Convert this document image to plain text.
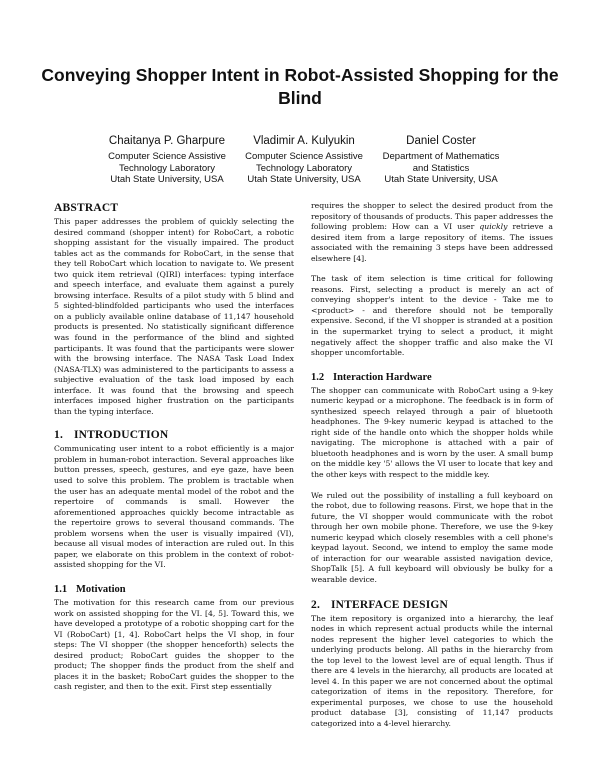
Conveying Shopper Intent in Robot-Assisted Shopping for the Blind
Chaitanya P. Gharpure
Computer Science Assistive
Technology Laboratory
Utah State University, USA
Vladimir A. Kulyukin
Computer Science Assistive
Technology Laboratory
Utah State University, USA
Daniel Coster
Department of Mathematics
and Statistics
Utah State University, USA
ABSTRACT

This paper addresses the problem of quickly selecting the desired command (shopper intent) for RoboCart, a robotic shopping assistant for the visually impaired. The product tables act as the commands for RoboCart, in the sense that they tell RoboCart which location to navigate to. We present two quick item retrieval (QIRI) interfaces: typing interface and speech interface, and evaluate them against a purely browsing interface. Results of a pilot study with 5 blind and 5 sighted-blindfolded participants who used the interfaces on a publicly available online database of 11,147 household products is presented. No statistically significant difference was found in the performance of the blind and sighted participants. It was found that the participants were slower with the browsing interface. The NASA Task Load Index (NASA-TLX) was administered to the participants to assess a subjective evaluation of the task load imposed by each interface. It was found that the browsing and speech interfaces imposed higher frustration on the participants than the typing interface.

1. INTRODUCTION

Communicating user intent to a robot efficiently is a major problem in human-robot interaction. Several approaches like button presses, speech, gestures, and eye gaze, have been used to solve this problem. The problem is tractable when the user has an adequate mental model of the robot and the repertoire of commands is small. However the aforementioned approaches quickly become intractable as the repertoire grows to several thousand commands. The problem worsens when the user is visually impaired (VI), because all visual modes of interaction are ruled out. In this paper, we elaborate on this problem in the context of robot-assisted shopping for the VI.

1.1 Motivation

The motivation for this research came from our previous work on assisted shopping for the VI. [4, 5]. Toward this, we have developed a prototype of a robotic shopping cart for the VI (RoboCart) [1, 4]. RoboCart helps the VI shop, in four steps: The VI shopper (the shopper henceforth) selects the desired product; RoboCart guides the shopper to the product; The shopper finds the product from the shelf and places it in the basket; RoboCart guides the shopper to the cash register, and then to the exit. First step essentially

requires the shopper to select the desired product from the repository of thousands of products. This paper addresses the following problem: How can a VI user quickly retrieve a desired item from a large repository of items. The issues associated with the remaining 3 steps have been addressed elsewhere [4].

The task of item selection is time critical for following reasons. First, selecting a product is merely an act of conveying shopper's intent to the device - Take me to <product> - and therefore should not be temporally expensive. Second, if the VI shopper is stranded at a position in the supermarket trying to select a product, it might negatively affect the shopper traffic and also make the VI shopper uncomfortable.

1.2 Interaction Hardware

The shopper can communicate with RoboCart using a 9-key numeric keypad or a microphone. The feedback is in form of synthesized speech relayed through a pair of bluetooth headphones. The 9-key numeric keypad is attached to the right side of the handle onto which the shopper holds while navigating. The microphone is attached with a pair of bluetooth headphones and is worn by the user. A small bump on the middle key '5' allows the VI user to locate that key and the other keys with respect to the middle key.

We ruled out the possibility of installing a full keyboard on the robot, due to following reasons. First, we hope that in the future, the VI shopper would communicate with the robot through her own mobile phone. Therefore, we use the 9-key numeric keypad which closely resembles with a cell phone's keypad layout. Second, we intend to employ the same mode of interaction for our wearable assisted navigation device, ShopTalk [5]. A full keyboard will obviously be bulky for a wearable device.

2. INTERFACE DESIGN

The item repository is organized into a hierarchy, the leaf nodes in which represent actual products while the internal nodes represent the higher level categories to which the underlying products belong. All paths in the hierarchy from the top level to the lowest level are of equal length. Thus if there are 4 levels in the hierarchy, all products are located at level 4. In this paper we are not concerned about the optimal categorization of items in the repository. Therefore, for experimental purposes, we chose to use the household product database [3], consisting of 11,147 products categorized into a 4-level hierarchy.
